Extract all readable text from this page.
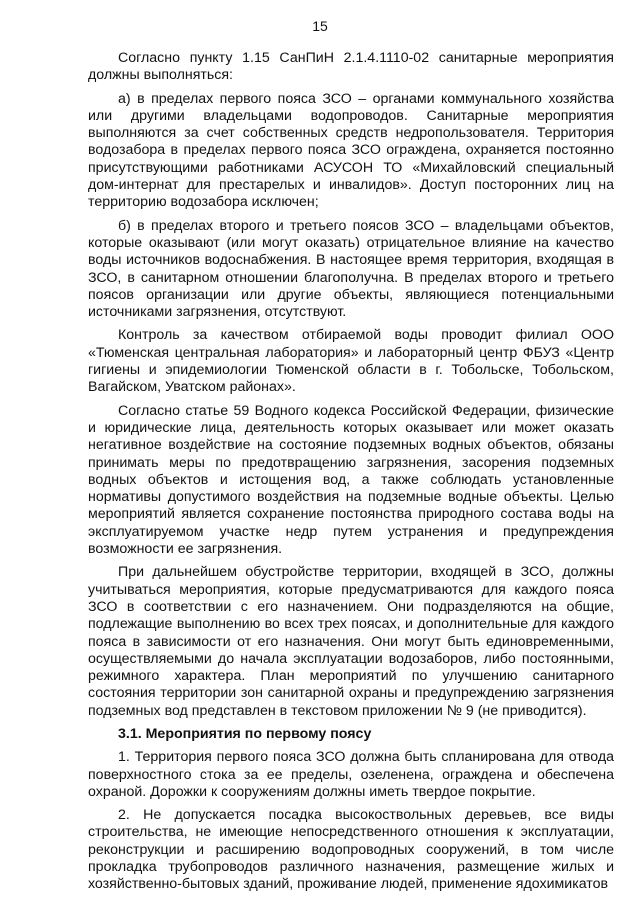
15

Согласно пункту 1.15 СанПиН 2.1.4.1110-02 санитарные мероприятия должны выполняться:

а) в пределах первого пояса ЗСО – органами коммунального хозяйства или другими владельцами водопроводов. Санитарные мероприятия выполняются за счет собственных средств недропользователя. Территория водозабора в пределах первого пояса ЗСО ограждена, охраняется постоянно присутствующими работниками АСУСОН ТО «Михайловский специальный дом-интернат для престарелых и инвалидов». Доступ посторонних лиц на территорию водозабора исключен;

б) в пределах второго и третьего поясов ЗСО – владельцами объектов, которые оказывают (или могут оказать) отрицательное влияние на качество воды источников водоснабжения. В настоящее время территория, входящая в ЗСО, в санитарном отношении благополучна. В пределах второго и третьего поясов организации или другие объекты, являющиеся потенциальными источниками загрязнения, отсутствуют.

Контроль за качеством отбираемой воды проводит филиал ООО «Тюменская центральная лаборатория» и лабораторный центр ФБУЗ «Центр гигиены и эпидемиологии Тюменской области в г. Тобольске, Тобольском, Вагайском, Уватском районах».

Согласно статье 59 Водного кодекса Российской Федерации, физические и юридические лица, деятельность которых оказывает или может оказать негативное воздействие на состояние подземных водных объектов, обязаны принимать меры по предотвращению загрязнения, засорения подземных водных объектов и истощения вод, а также соблюдать установленные нормативы допустимого воздействия на подземные водные объекты. Целью мероприятий является сохранение постоянства природного состава воды на эксплуатируемом участке недр путем устранения и предупреждения возможности ее загрязнения.

При дальнейшем обустройстве территории, входящей в ЗСО, должны учитываться мероприятия, которые предусматриваются для каждого пояса ЗСО в соответствии с его назначением. Они подразделяются на общие, подлежащие выполнению во всех трех поясах, и дополнительные для каждого пояса в зависимости от его назначения. Они могут быть единовременными, осуществляемыми до начала эксплуатации водозаборов, либо постоянными, режимного характера. План мероприятий по улучшению санитарного состояния территории зон санитарной охраны и предупреждению загрязнения подземных вод представлен в текстовом приложении № 9 (не приводится).

3.1. Мероприятия по первому поясу

1. Территория первого пояса ЗСО должна быть спланирована для отвода поверхностного стока за ее пределы, озеленена, ограждена и обеспечена охраной. Дорожки к сооружениям должны иметь твердое покрытие.

2. Не допускается посадка высокоствольных деревьев, все виды строительства, не имеющие непосредственного отношения к эксплуатации, реконструкции и расширению водопроводных сооружений, в том числе прокладка трубопроводов различного назначения, размещение жилых и хозяйственно-бытовых зданий, проживание людей, применение ядохимикатов
